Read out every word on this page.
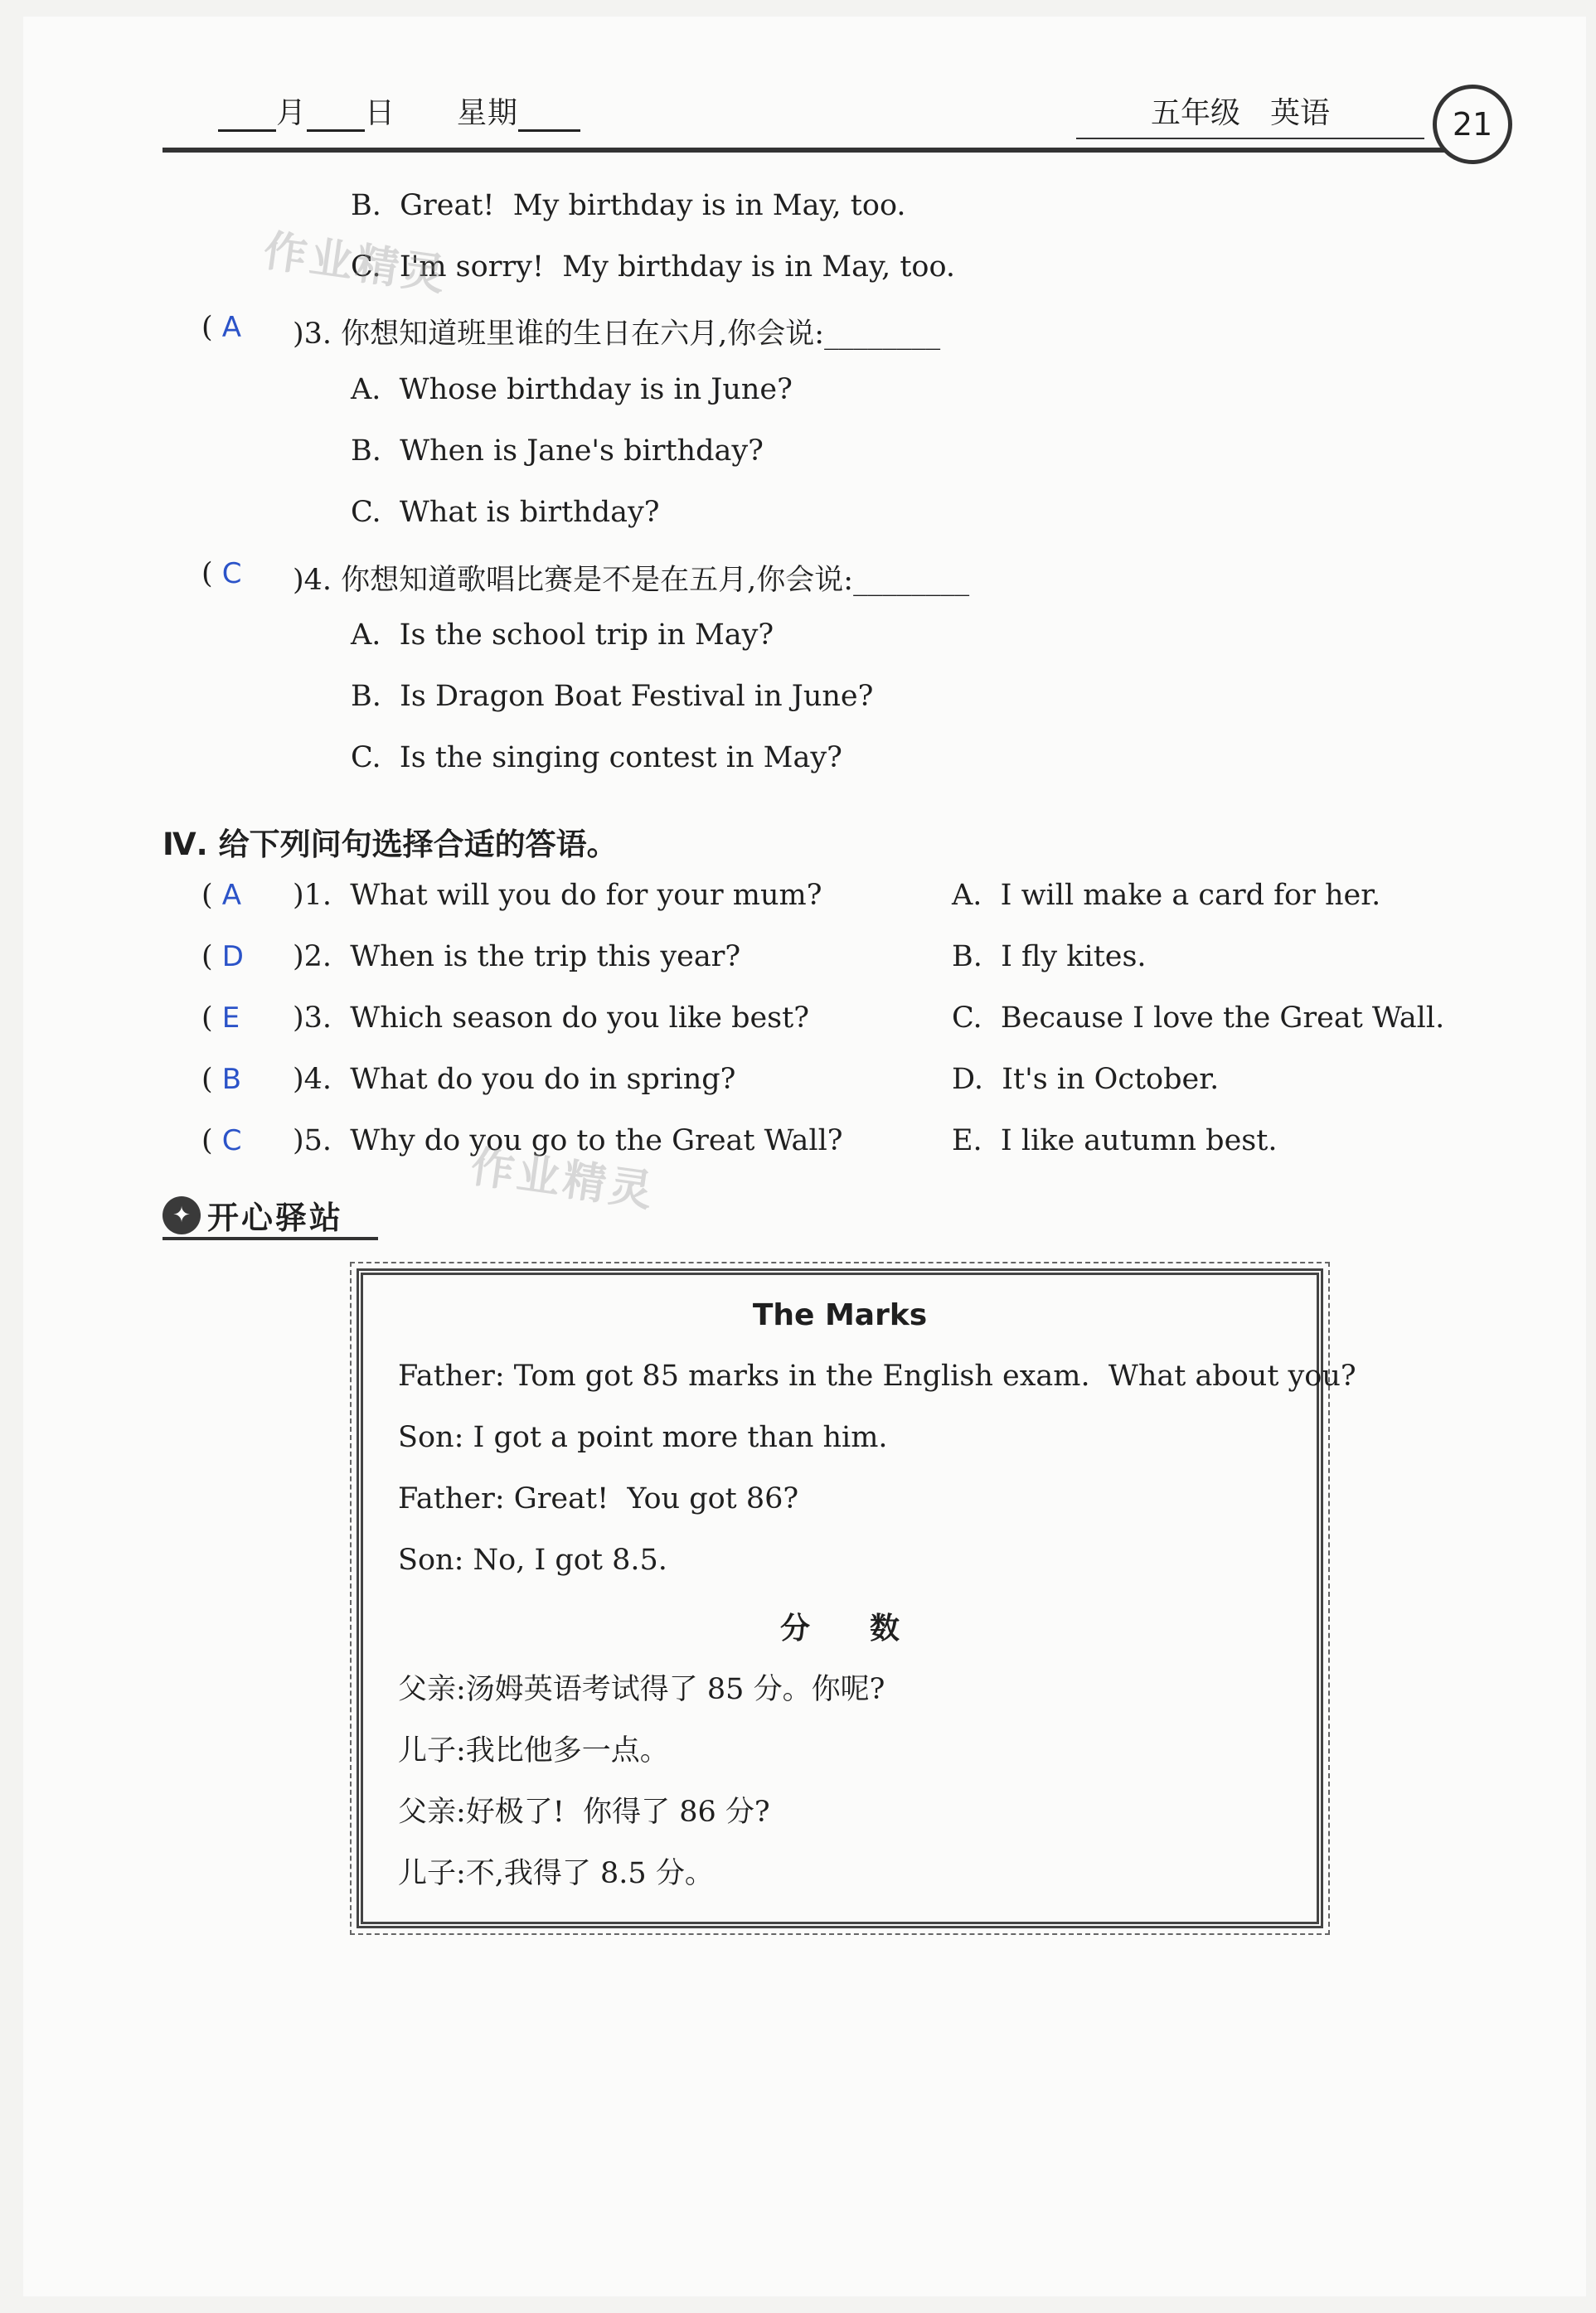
月 日　　 星期	五年级　英语	21
B.  Great!  My birthday is in May, too.
C.  I'm sorry!  My birthday is in May, too.
( A	)3. 你想知道班里谁的生日在六月,你会说:________
A.  Whose birthday is in June?
B.  When is Jane's birthday?
C.  What is birthday?
( C	)4. 你想知道歌唱比赛是不是在五月,你会说:________
A.  Is the school trip in May?
B.  Is Dragon Boat Festival in June?
C.  Is the singing contest in May?
Ⅳ. 给下列问句选择合适的答语。
( A	)1.  What will you do for your mum?	A.  I will make a card for her.
( D	)2.  When is the trip this year?	B.  I fly kites.
( E	)3.  Which season do you like best?	C.  Because I love the Great Wall.
( B	)4.  What do you do in spring?	D.  It's in October.
( C	)5.  Why do you go to the Great Wall?	E.  I like autumn best.
✦ 开心驿站
The Marks
Father: Tom got 85 marks in the English exam.  What about you?
Son: I got a point more than him.
Father: Great!  You got 86?
Son: No, I got 8.5.
分　　数
父亲:汤姆英语考试得了 85 分。你呢?
儿子:我比他多一点。
父亲:好极了!  你得了 86 分?
儿子:不,我得了 8.5 分。
作业精灵
作业精灵
